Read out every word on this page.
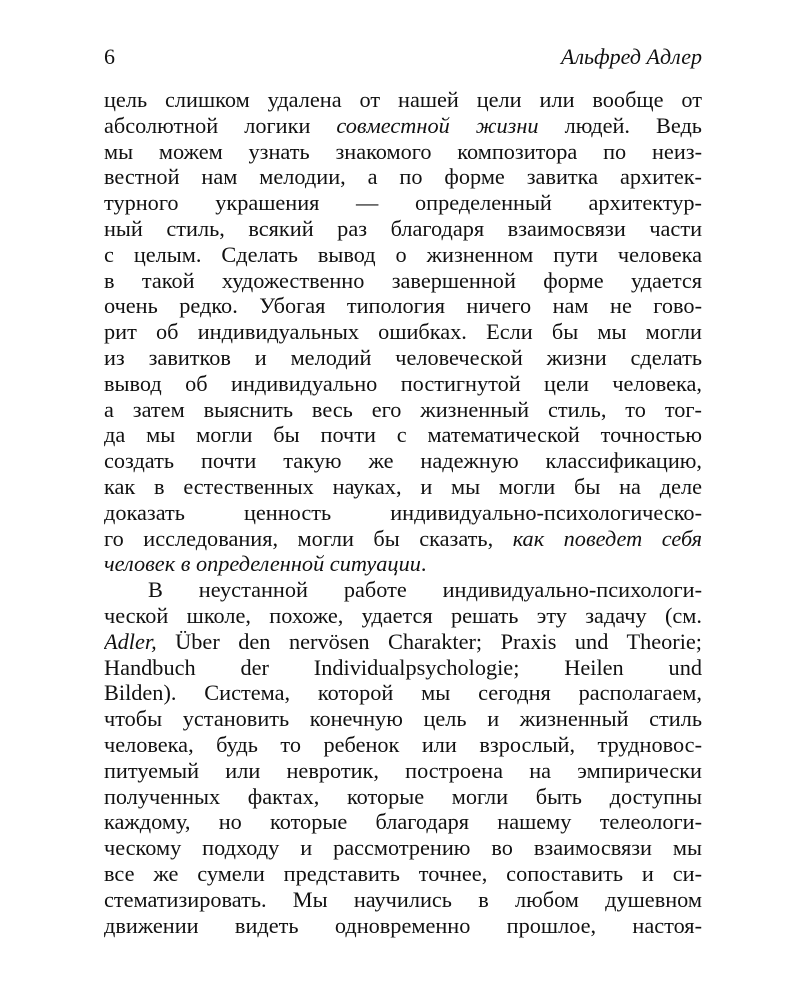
6	Альфред Адлер
цель слишком удалена от нашей цели или вообще от
абсолютной логики совместной жизни людей. Ведь
мы можем узнать знакомого композитора по неиз-
вестной нам мелодии, а по форме завитка архитек-
турного украшения — определенный архитектур-
ный стиль, всякий раз благодаря взаимосвязи части
с целым. Сделать вывод о жизненном пути человека
в такой художественно завершенной форме удается
очень редко. Убогая типология ничего нам не гово-
рит об индивидуальных ошибках. Если бы мы могли
из завитков и мелодий человеческой жизни сделать
вывод об индивидуально постигнутой цели человека,
а затем выяснить весь его жизненный стиль, то тог-
да мы могли бы почти с математической точностью
создать почти такую же надежную классификацию,
как в естественных науках, и мы могли бы на деле
доказать ценность индивидуально-психологическо-
го исследования, могли бы сказать, как поведет себя
человек в определенной ситуации.
В неустанной работе индивидуально-психологи-
ческой школе, похоже, удается решать эту задачу (см.
Adler, Über den nervösen Charakter; Praxis und Theorie;
Handbuch der Individualpsychologie; Heilen und
Bilden). Система, которой мы сегодня располагаем,
чтобы установить конечную цель и жизненный стиль
человека, будь то ребенок или взрослый, трудновос-
питуемый или невротик, построена на эмпирически
полученных фактах, которые могли быть доступны
каждому, но которые благодаря нашему телеологи-
ческому подходу и рассмотрению во взаимосвязи мы
все же сумели представить точнее, сопоставить и си-
стематизировать. Мы научились в любом душевном
движении видеть одновременно прошлое, настоя-
